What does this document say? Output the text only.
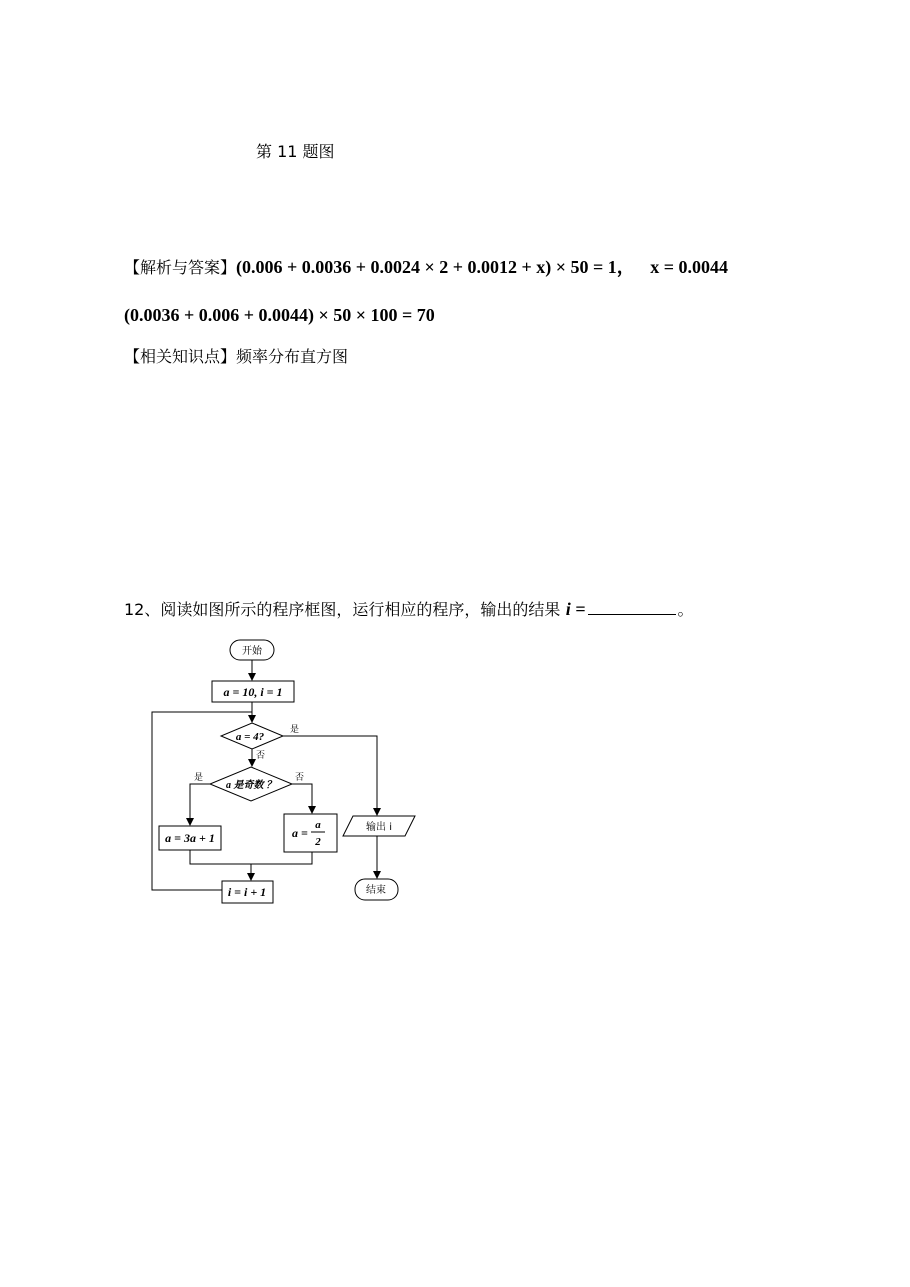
第 11 题图
【解析与答案】(0.006 + 0.0036 + 0.0024 × 2 + 0.0012 + x) × 50 = 1， x = 0.0044
(0.0036 + 0.006 + 0.0044) × 50 × 100 = 70
【相关知识点】频率分布直方图
12、阅读如图所示的程序框图，运行相应的程序，输出的结果 i =	。
开始
a = 10, i = 1
a = 4?
是
否
a 是奇数 ？
是	否
a = 3a + 1	a =
a
2
i = i + 1
输出 i
结束
